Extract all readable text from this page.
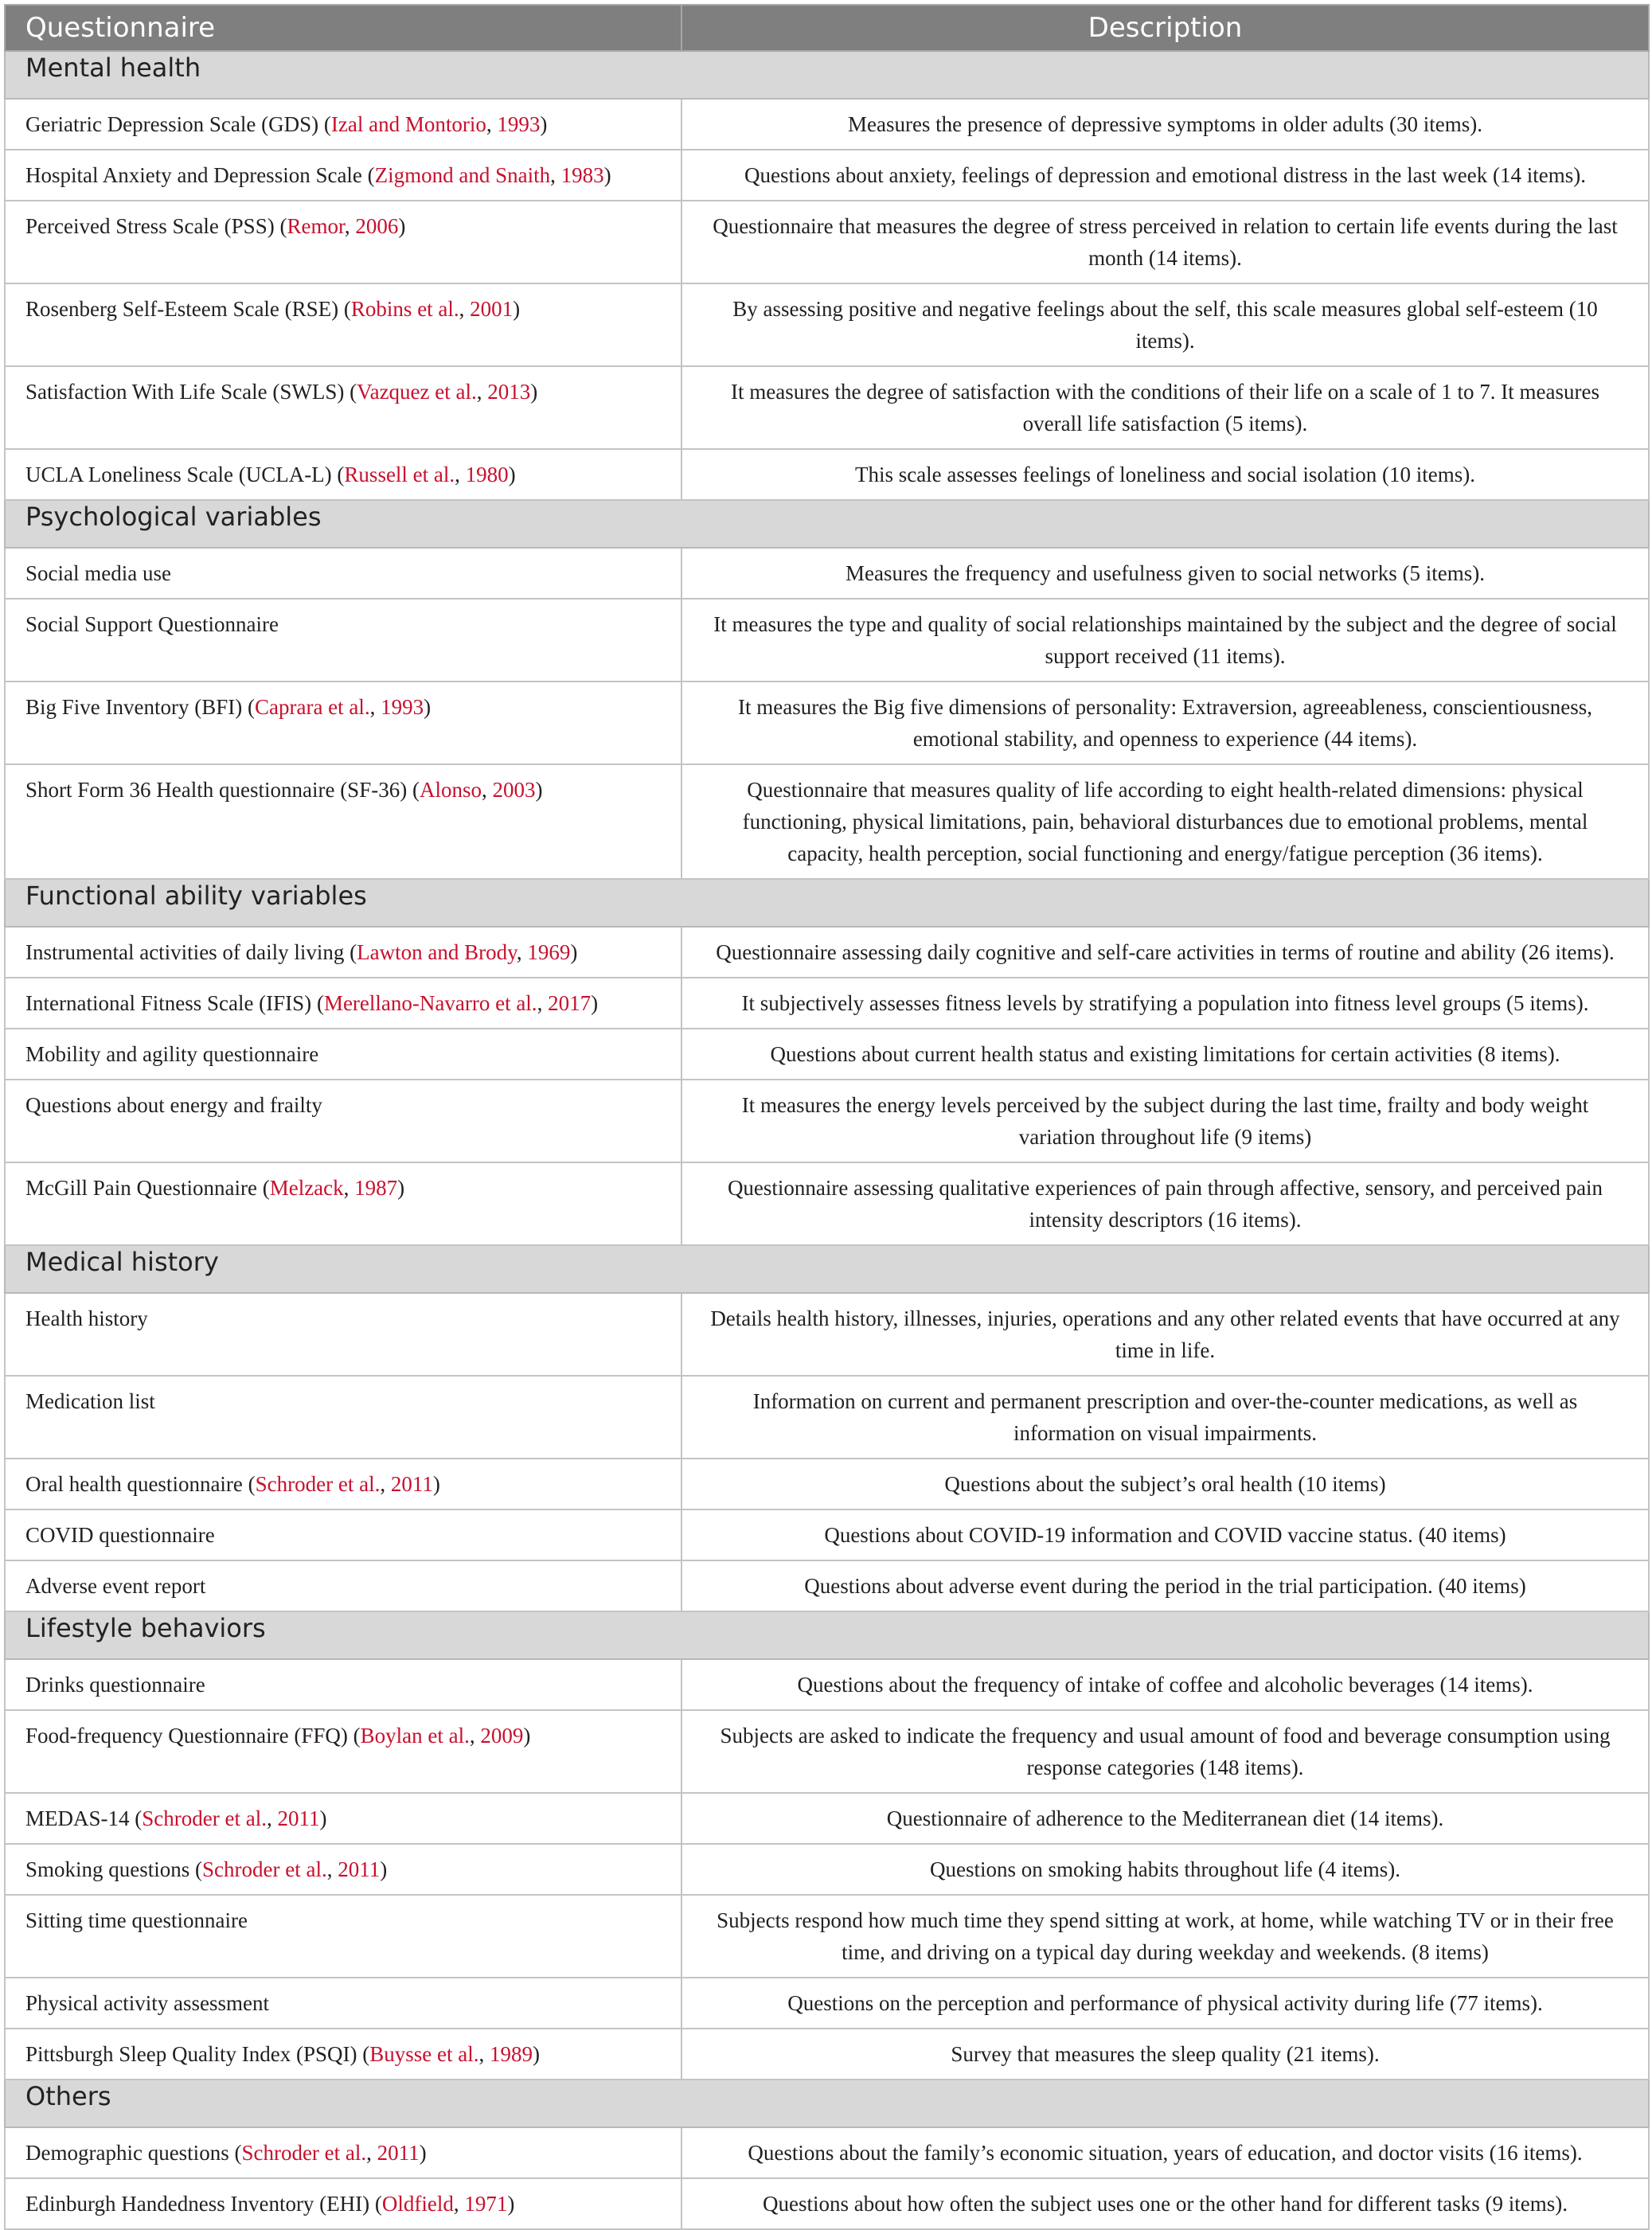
Questionnaire	Description
Mental health	
Geriatric Depression Scale (GDS) (Izal and Montorio, 1993)	Measures the presence of depressive symptoms in older adults (30 items).
Hospital Anxiety and Depression Scale (Zigmond and Snaith, 1983)	Questions about anxiety, feelings of depression and emotional distress in the last week (14 items).
Perceived Stress Scale (PSS) (Remor, 2006)	Questionnaire that measures the degree of stress perceived in relation to certain life events during the last month (14 items).
Rosenberg Self-Esteem Scale (RSE) (Robins et al., 2001)	By assessing positive and negative feelings about the self, this scale measures global self-esteem (10 items).
Satisfaction With Life Scale (SWLS) (Vazquez et al., 2013)	It measures the degree of satisfaction with the conditions of their life on a scale of 1 to 7. It measures overall life satisfaction (5 items).
UCLA Loneliness Scale (UCLA-L) (Russell et al., 1980)	This scale assesses feelings of loneliness and social isolation (10 items).
Psychological variables	
Social media use	Measures the frequency and usefulness given to social networks (5 items).
Social Support Questionnaire	It measures the type and quality of social relationships maintained by the subject and the degree of social support received (11 items).
Big Five Inventory (BFI) (Caprara et al., 1993)	It measures the Big five dimensions of personality: Extraversion, agreeableness, conscientiousness, emotional stability, and openness to experience (44 items).
Short Form 36 Health questionnaire (SF-36) (Alonso, 2003)	Questionnaire that measures quality of life according to eight health-related dimensions: physical functioning, physical limitations, pain, behavioral disturbances due to emotional problems, mental capacity, health perception, social functioning and energy/fatigue perception (36 items).
Functional ability variables	
Instrumental activities of daily living (Lawton and Brody, 1969)	Questionnaire assessing daily cognitive and self-care activities in terms of routine and ability (26 items).
International Fitness Scale (IFIS) (Merellano-Navarro et al., 2017)	It subjectively assesses fitness levels by stratifying a population into fitness level groups (5 items).
Mobility and agility questionnaire	Questions about current health status and existing limitations for certain activities (8 items).
Questions about energy and frailty	It measures the energy levels perceived by the subject during the last time, frailty and body weight variation throughout life (9 items)
McGill Pain Questionnaire (Melzack, 1987)	Questionnaire assessing qualitative experiences of pain through affective, sensory, and perceived pain intensity descriptors (16 items).
Medical history	
Health history	Details health history, illnesses, injuries, operations and any other related events that have occurred at any time in life.
Medication list	Information on current and permanent prescription and over-the-counter medications, as well as information on visual impairments.
Oral health questionnaire (Schroder et al., 2011)	Questions about the subject’s oral health (10 items)
COVID questionnaire	Questions about COVID-19 information and COVID vaccine status. (40 items)
Adverse event report	Questions about adverse event during the period in the trial participation. (40 items)
Lifestyle behaviors	
Drinks questionnaire	Questions about the frequency of intake of coffee and alcoholic beverages (14 items).
Food-frequency Questionnaire (FFQ) (Boylan et al., 2009)	Subjects are asked to indicate the frequency and usual amount of food and beverage consumption using response categories (148 items).
MEDAS-14 (Schroder et al., 2011)	Questionnaire of adherence to the Mediterranean diet (14 items).
Smoking questions (Schroder et al., 2011)	Questions on smoking habits throughout life (4 items).
Sitting time questionnaire	Subjects respond how much time they spend sitting at work, at home, while watching TV or in their free time, and driving on a typical day during weekday and weekends. (8 items)
Physical activity assessment	Questions on the perception and performance of physical activity during life (77 items).
Pittsburgh Sleep Quality Index (PSQI) (Buysse et al., 1989)	Survey that measures the sleep quality (21 items).
Others	
Demographic questions (Schroder et al., 2011)	Questions about the family’s economic situation, years of education, and doctor visits (16 items).
Edinburgh Handedness Inventory (EHI) (Oldfield, 1971)	Questions about how often the subject uses one or the other hand for different tasks (9 items).
